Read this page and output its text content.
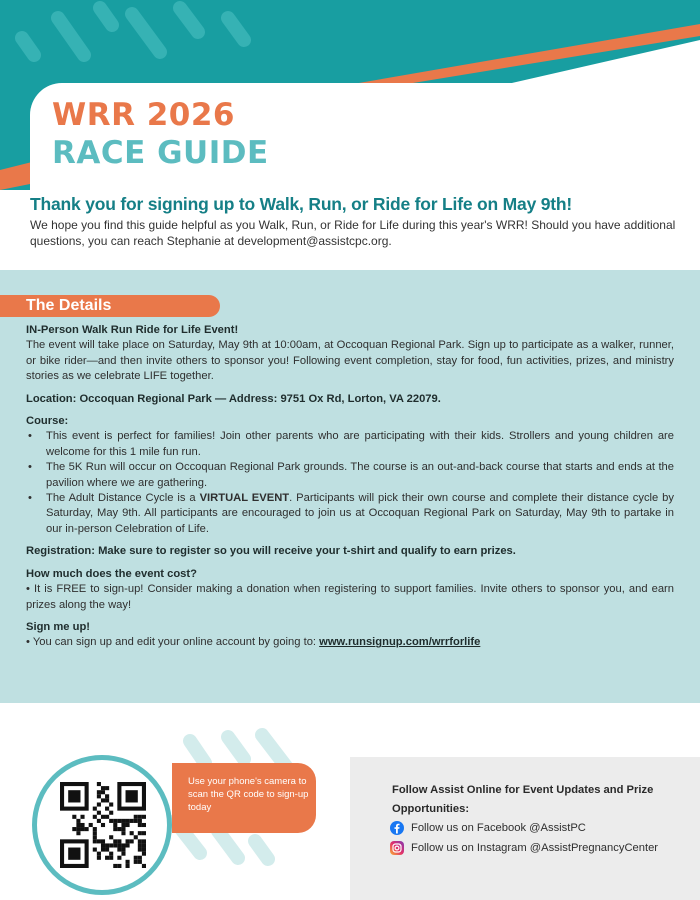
WRR 2026
RACE GUIDE
Thank you for signing up to Walk, Run, or Ride for Life on May 9th!
We hope you find this guide helpful as you Walk, Run, or Ride for Life during this year's WRR! Should you have additional questions, you can reach Stephanie at development@assistcpc.org.
The Details
IN-Person Walk Run Ride for Life Event!

The event will take place on Saturday, May 9th at 10:00am, at Occoquan Regional Park. Sign up to participate as a walker, runner, or bike rider—and then invite others to sponsor you! Following event completion, stay for food, fun activities, prizes, and ministry stories as we celebrate LIFE together.

Location: Occoquan Regional Park — Address: 9751 Ox Rd, Lorton, VA 22079.
Course:
• This event is perfect for families! Join other parents who are participating with their kids. Strollers and young children are welcome for this 1 mile fun run.
• The 5K Run will occur on Occoquan Regional Park grounds. The course is an out-and-back course that starts and ends at the pavilion where we are gathering.
• The Adult Distance Cycle is a VIRTUAL EVENT. Participants will pick their own course and complete their distance cycle by Saturday, May 9th. All participants are encouraged to join us at Occoquan Regional Park on Saturday, May 9th to partake in our in-person Celebration of Life.
Registration: Make sure to register so you will receive your t-shirt and qualify to earn prizes.
How much does the event cost?

• It is FREE to sign-up! Consider making a donation when registering to support families. Invite others to sponsor you, and earn prizes along the way!

Sign me up!
• You can sign up and edit your online account by going to: www.runsignup.com/wrrforlife
Use your phone's camera to scan the QR code to sign-up today
Follow Assist Online for Event Updates and Prize Opportunities:
Follow us on Facebook @AssistPC
Follow us on Instagram @AssistPregnancyCenter
